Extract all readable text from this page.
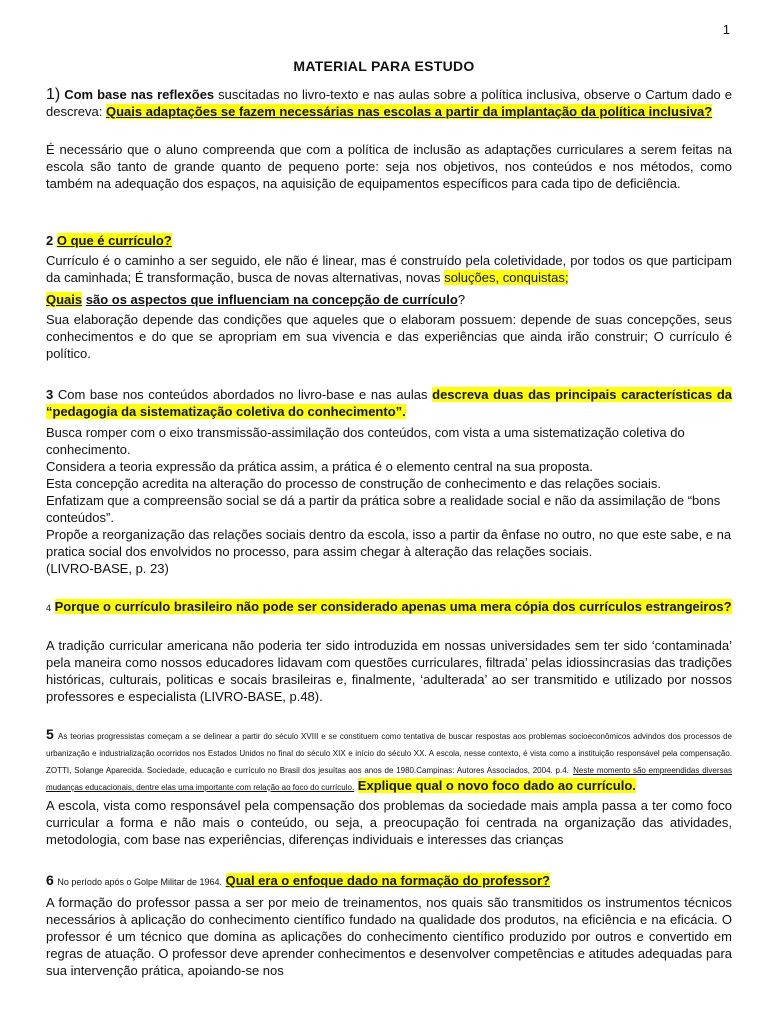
1
MATERIAL PARA ESTUDO
1) Com base nas reflexões suscitadas no livro-texto e nas aulas sobre a política inclusiva, observe o Cartum dado e descreva: Quais adaptações se fazem necessárias nas escolas a partir da implantação da política inclusiva?
É necessário que o aluno compreenda que com a política de inclusão as adaptações curriculares a serem feitas na escola são tanto de grande quanto de pequeno porte: seja nos objetivos, nos conteúdos e nos métodos, como também na adequação dos espaços, na aquisição de equipamentos específicos para cada tipo de deficiência.
2 O que é currículo?
Currículo é o caminho a ser seguido, ele não é linear, mas é construído pela coletividade, por todos os que participam da caminhada; É transformação, busca de novas alternativas, novas soluções, conquistas;
Quais são os aspectos que influenciam na concepção de currículo?
Sua elaboração depende das condições que aqueles que o elaboram possuem: depende de suas concepções, seus conhecimentos e do que se apropriam em sua vivencia e das experiências que ainda irão construir; O currículo é político.
3 Com base nos conteúdos abordados no livro-base e nas aulas descreva duas das principais características da “pedagogia da sistematização coletiva do conhecimento”.

Busca romper com o eixo transmissão-assimilação dos conteúdos, com vista a uma sistematização coletiva do conhecimento.

Considera a teoria expressão da prática assim, a prática é o elemento central na sua proposta.

Esta concepção acredita na alteração do processo de construção de conhecimento e das relações sociais.

Enfatizam que a compreensão social se dá a partir da prática sobre a realidade social e não da assimilação de “bons conteúdos”.

Propõe a reorganização das relações sociais dentro da escola, isso a partir da ênfase no outro, no que este sabe, e na pratica social dos envolvidos no processo, para assim chegar à alteração das relações sociais.

(LIVRO-BASE, p. 23)

4 Porque o currículo brasileiro não pode ser considerado apenas uma mera cópia dos currículos estrangeiros?
A tradição curricular americana não poderia ter sido introduzida em nossas universidades sem ter sido ‘contaminada’ pela maneira como nossos educadores lidavam com questões curriculares, filtrada’ pelas idiossincrasias das tradições históricas, culturais, politicas e socais brasileiras e, finalmente, ‘adulterada’ ao ser transmitido e utilizado por nossos professores e especialista (LIVRO-BASE, p.48).
5 As teorias progressistas começam a se delinear a partir do século XVIII e se constituem como tentativa de buscar respostas aos problemas socioeconômicos advindos dos processos de urbanização e industrialização ocorridos nos Estados Unidos no final do século XIX e início do século XX. A escola, nesse contexto, é vista como a instituição responsável pela compensação. ZOTTI, Solange Aparecida. Sociedade, educação e currículo no Brasil dos jesuítas aos anos de 1980.Campinas: Autores Associados, 2004. p.4. Neste momento são empreendidas diversas mudanças educacionais, dentre elas uma importante com relação ao foco do currículo. Explique qual o novo foco dado ao currículo.
A escola, vista como responsável pela compensação dos problemas da sociedade mais ampla passa a ter como foco curricular a forma e não mais o conteúdo, ou seja, a preocupação foi centrada na organização das atividades, metodologia, com base nas experiências, diferenças individuais e interesses das crianças
6 No período após o Golpe Militar de 1964. Qual era o enfoque dado na formação do professor?
A formação do professor passa a ser por meio de treinamentos, nos quais são transmitidos os instrumentos técnicos necessários à aplicação do conhecimento científico fundado na qualidade dos produtos, na eficiência e na eficácia. O professor é um técnico que domina as aplicações do conhecimento científico produzido por outros e convertido em regras de atuação. O professor deve aprender conhecimentos e desenvolver competências e atitudes adequadas para sua intervenção prática, apoiando-se nos
